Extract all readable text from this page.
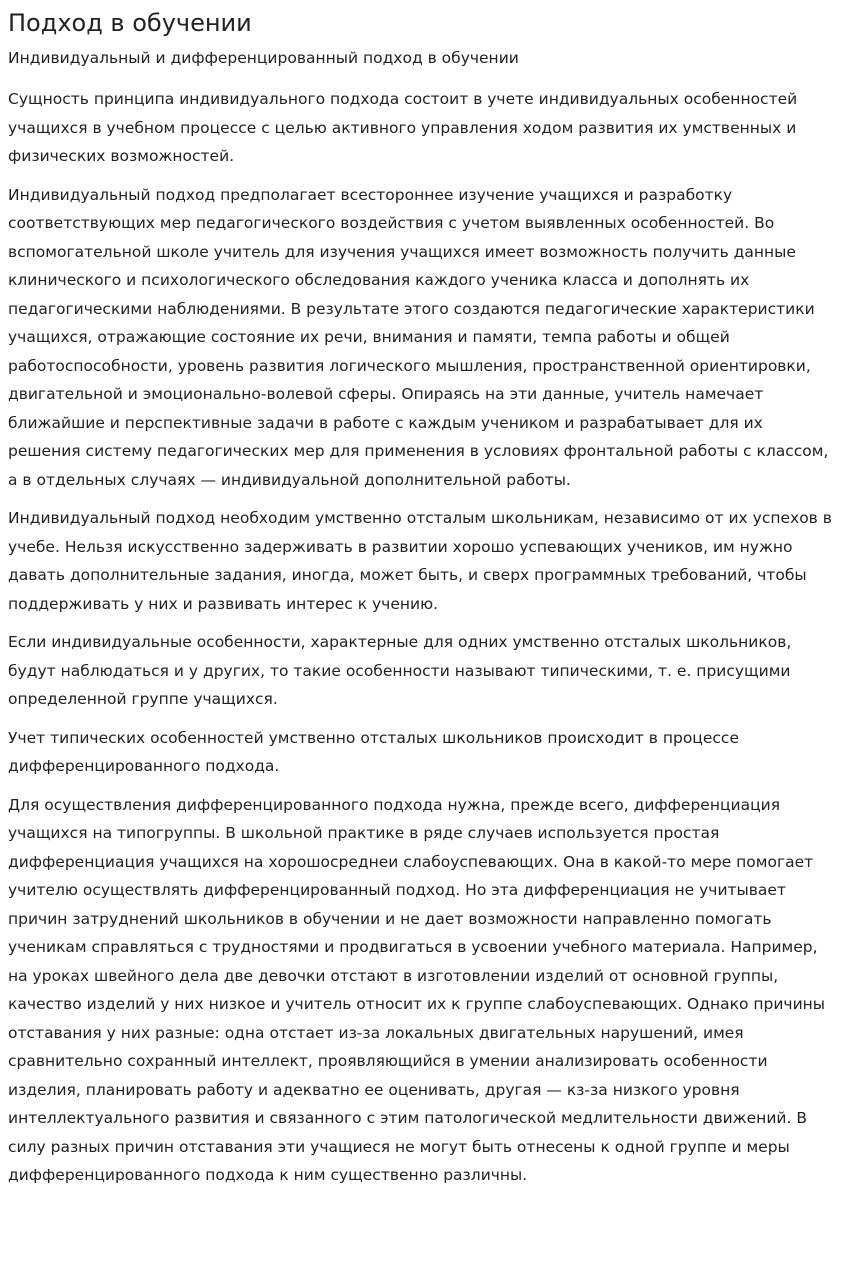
Подход в обучении
Индивидуальный и дифференцированный подход в обучении

Сущность принципа индивидуального подхода состоит в учете индивидуальных особенностей учащихся в учебном процессе с целью активного управления ходом развития их умственных и физических возможностей.

Индивидуальный подход предполагает всестороннее изучение учащихся и разработку соответствующих мер педагогического воздействия с учетом выявленных особенностей. Во вспомогательной школе учитель для изучения учащихся имеет возможность получить данные клинического и психологического обследования каждого ученика класса и дополнять их педагогическими наблюдениями. В результате этого создаются педагогические характеристики учащихся, отражающие состояние их речи, внимания и памяти, темпа работы и общей работоспособности, уровень развития логического мышления, пространственной ориентировки, двигательной и эмоционально-волевой сферы. Опираясь на эти данные, учитель намечает ближайшие и перспективные задачи в работе с каждым учеником и разрабатывает для их решения систему педагогических мер для применения в условиях фронтальной работы с классом, а в отдельных случаях — индивидуальной дополнительной работы.

Индивидуальный подход необходим умственно отсталым школьникам, независимо от их успехов в учебе. Нельзя искусственно задерживать в развитии хорошо успевающих учеников, им нужно давать дополнительные задания, иногда, может быть, и сверх программных требований, чтобы поддерживать у них и развивать интерес к учению.

Если индивидуальные особенности, характерные для одних умственно отсталых школьников, будут наблюдаться и у других, то такие особенности называют типическими, т. е. присущими определенной группе учащихся.

Учет типических особенностей умственно отсталых школьников происходит в процессе дифференцированного подхода.

Для осуществления дифференцированного подхода нужна, прежде всего, дифференциация учащихся на типогруппы. В школьной практике в ряде случаев используется простая дифференциация учащихся на хорошосреднеи слабоуспевающих. Она в какой-то мере помогает учителю осуществлять дифференцированный подход. Но эта дифференциация не учитывает причин затруднений школьников в обучении и не дает возможности направленно помогать ученикам справляться с трудностями и продвигаться в усвоении учебного материала. Например, на уроках швейного дела две девочки отстают в изготовлении изделий от основной группы, качество изделий у них низкое и учитель относит их к группе слабоуспевающих. Однако причины отставания у них разные: одна отстает из-за локальных двигательных нарушений, имея сравнительно сохранный интеллект, проявляющийся в умении анализировать особенности изделия, планировать работу и адекватно ее оценивать, другая — кз-за низкого уровня интеллектуального развития и связанного с этим патологической медлительности движений. В силу разных причин отставания эти учащиеся не могут быть отнесены к одной группе и меры дифференцированного подхода к ним существенно различны.
